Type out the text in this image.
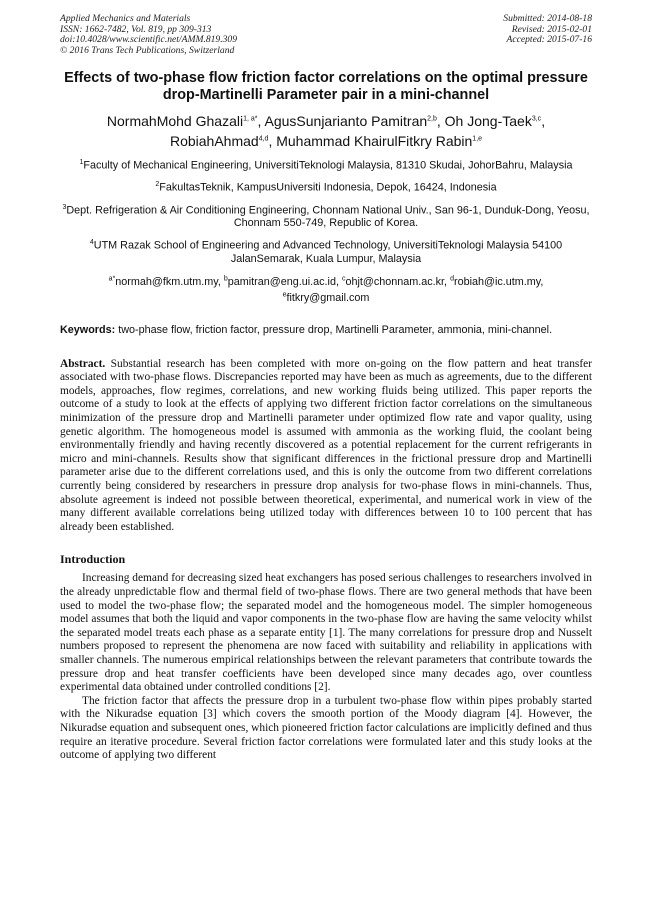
Applied Mechanics and Materials
ISSN: 1662-7482, Vol. 819, pp 309-313
doi:10.4028/www.scientific.net/AMM.819.309
© 2016 Trans Tech Publications, Switzerland
Submitted: 2014-08-18
Revised: 2015-02-01
Accepted: 2015-07-16
Effects of two-phase flow friction factor correlations on the optimal pressure drop-Martinelli Parameter pair in a mini-channel
NormahMohd Ghazali$^{1, a*}$, AgusSunjarianto Pamitran$^{2,b}$, Oh Jong-Taek$^{3,c}$,
RobiahAhmad$^{4,d}$, Muhammad KhairulFitkry Rabin$^{1,e}$
$^1$Faculty of Mechanical Engineering, UniversitiTeknologi Malaysia, 81310 Skudai, JohorBahru, Malaysia
$^2$FakultasTeknik, KampusUniversiti Indonesia, Depok, 16424, Indonesia
$^3$Dept. Refrigeration & Air Conditioning Engineering, Chonnam National Univ., San 96-1, Dunduk-Dong, Yeosu, Chonnam 550-749, Republic of Korea.
$^4$UTM Razak School of Engineering and Advanced Technology, UniversitiTeknologi Malaysia 54100 JalanSemarak, Kuala Lumpur, Malaysia
$^{a*}$normah@fkm.utm.my, $^b$pamitran@eng.ui.ac.id, $^c$ohjt@chonnam.ac.kr, $^d$robiah@ic.utm.my,
$^e$fitkry@gmail.com
Keywords: two-phase flow, friction factor, pressure drop, Martinelli Parameter, ammonia, mini-channel.
Abstract. Substantial research has been completed with more on-going on the flow pattern and heat transfer associated with two-phase flows. Discrepancies reported may have been as much as agreements, due to the different models, approaches, flow regimes, correlations, and new working fluids being utilized. This paper reports the outcome of a study to look at the effects of applying two different friction factor correlations on the simultaneous minimization of the pressure drop and Martinelli parameter under optimized flow rate and vapor quality, using genetic algorithm. The homogeneous model is assumed with ammonia as the working fluid, the coolant being environmentally friendly and having recently discovered as a potential replacement for the current refrigerants in micro and mini-channels. Results show that significant differences in the frictional pressure drop and Martinelli parameter arise due to the different correlations used, and this is only the outcome from two different correlations currently being considered by researchers in pressure drop analysis for two-phase flows in mini-channels. Thus, absolute agreement is indeed not possible between theoretical, experimental, and numerical work in view of the many different available correlations being utilized today with differences between 10 to 100 percent that has already been established.
Introduction
Increasing demand for decreasing sized heat exchangers has posed serious challenges to researchers involved in the already unpredictable flow and thermal field of two-phase flows. There are two general methods that have been used to model the two-phase flow; the separated model and the homogeneous model. The simpler homogeneous model assumes that both the liquid and vapor components in the two-phase flow are having the same velocity whilst the separated model treats each phase as a separate entity [1]. The many correlations for pressure drop and Nusselt numbers proposed to represent the phenomena are now faced with suitability and reliability in applications with smaller channels. The numerous empirical relationships between the relevant parameters that contribute towards the pressure drop and heat transfer coefficients have been developed since many decades ago, over countless experimental data obtained under controlled conditions [2].
The friction factor that affects the pressure drop in a turbulent two-phase flow within pipes probably started with the Nikuradse equation [3] which covers the smooth portion of the Moody diagram [4]. However, the Nikuradse equation and subsequent ones, which pioneered friction factor calculations are implicitly defined and thus require an iterative procedure. Several friction factor correlations were formulated later and this study looks at the outcome of applying two different
